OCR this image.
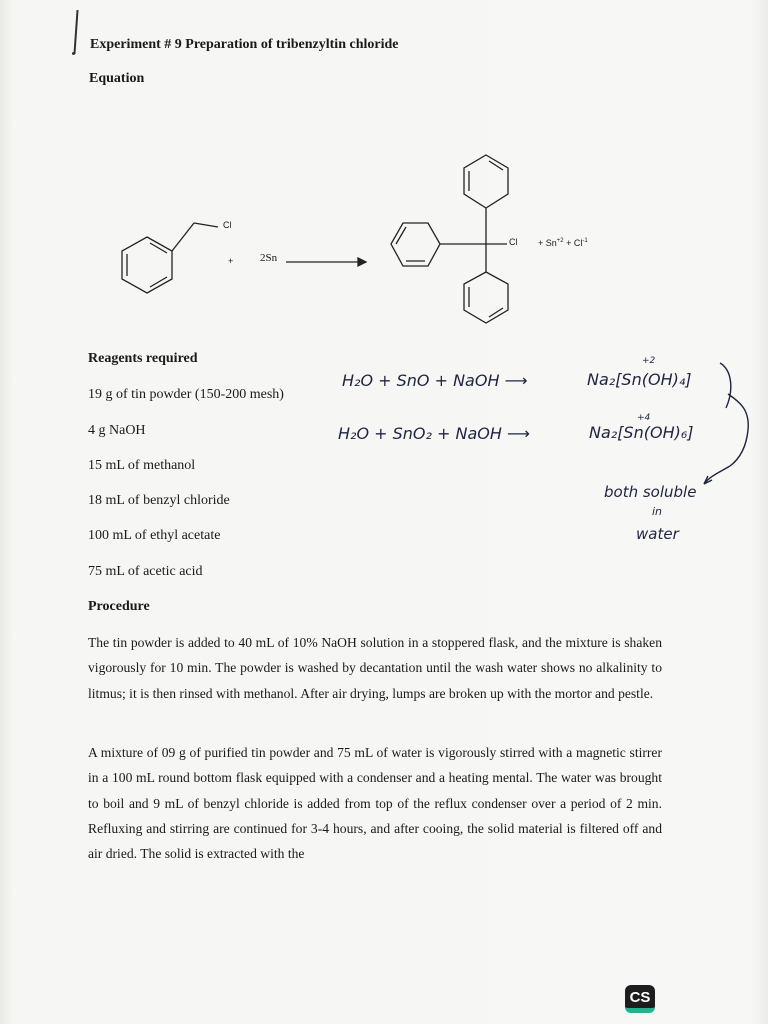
Experiment # 9 Preparation of tribenzyltin chloride
Equation
Cl
+ 2Sn
$Cl + Sn^{+2} + Cl^{-1}$
Reagents required
19 g of tin powder (150-200 mesh)
4 g NaOH
15 mL of methanol
18 mL of benzyl chloride
100 mL of ethyl acetate
75 mL of acetic acid
H₂O + SnO + NaOH ⟶	Na₂[Sn(OH)₄]
+2
H₂O + SnO₂ + NaOH ⟶	Na₂[Sn(OH)₆]
+4
both soluble
in
water
Procedure
The tin powder is added to 40 mL of 10% NaOH solution in a stoppered flask, and the mixture is shaken vigorously for 10 min. The powder is washed by decantation until the wash water shows no alkalinity to litmus; it is then rinsed with methanol. After air drying, lumps are broken up with the mortor and pestle.
A mixture of 09 g of purified tin powder and 75 mL of water is vigorously stirred with a magnetic stirrer in a 100 mL round bottom flask equipped with a condenser and a heating mental. The water was brought to boil and 9 mL of benzyl chloride is added from top of the reflux condenser over a period of 2 min. Refluxing and stirring are continued for 3-4 hours, and after cooing, the solid material is filtered off and air dried. The solid is extracted with the
CS
